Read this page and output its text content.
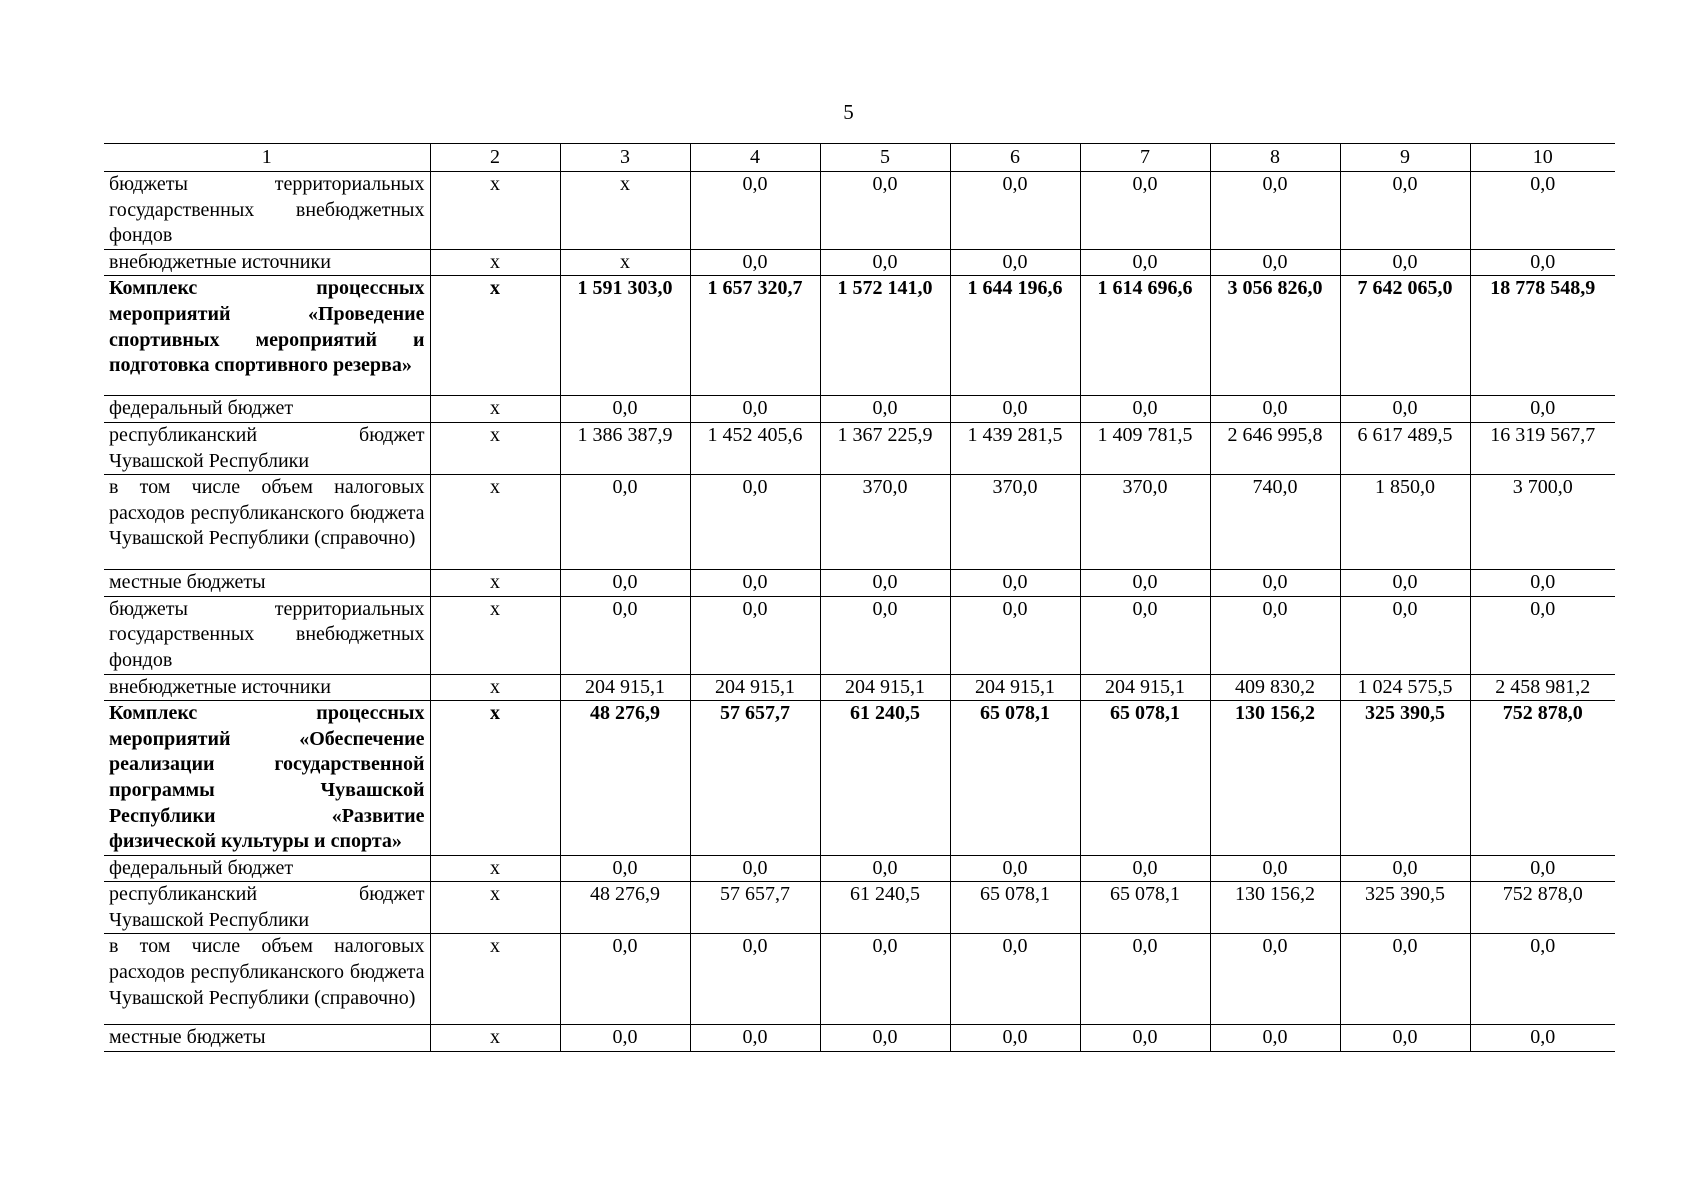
5
1	2	3	4	5	6	7	8	9	10
бюджеты территориальных государственных внебюджетных фондов	х	х	0,0	0,0	0,0	0,0	0,0	0,0	0,0
внебюджетные источники	х	х	0,0	0,0	0,0	0,0	0,0	0,0	0,0
Комплекс процессных мероприятий «Проведение спортивных мероприятий и подготовка спортивного резерва»	х	1 591 303,0	1 657 320,7	1 572 141,0	1 644 196,6	1 614 696,6	3 056 826,0	7 642 065,0	18 778 548,9
федеральный бюджет	х	0,0	0,0	0,0	0,0	0,0	0,0	0,0	0,0
республиканский бюджет Чувашской Республики	х	1 386 387,9	1 452 405,6	1 367 225,9	1 439 281,5	1 409 781,5	2 646 995,8	6 617 489,5	16 319 567,7
в том числе объем налоговых расходов республиканского бюджета Чувашской Республики (справочно)	х	0,0	0,0	370,0	370,0	370,0	740,0	1 850,0	3 700,0
местные бюджеты	х	0,0	0,0	0,0	0,0	0,0	0,0	0,0	0,0
бюджеты территориальных государственных внебюджетных фондов	х	0,0	0,0	0,0	0,0	0,0	0,0	0,0	0,0
внебюджетные источники	х	204 915,1	204 915,1	204 915,1	204 915,1	204 915,1	409 830,2	1 024 575,5	2 458 981,2
Комплекс процессных мероприятий «Обеспечение реализации государственной программы Чувашской Республики «Развитие физической культуры и спорта»	х	48 276,9	57 657,7	61 240,5	65 078,1	65 078,1	130 156,2	325 390,5	752 878,0
федеральный бюджет	х	0,0	0,0	0,0	0,0	0,0	0,0	0,0	0,0
республиканский бюджет Чувашской Республики	х	48 276,9	57 657,7	61 240,5	65 078,1	65 078,1	130 156,2	325 390,5	752 878,0
в том числе объем налоговых расходов республиканского бюджета Чувашской Республики (справочно)	х	0,0	0,0	0,0	0,0	0,0	0,0	0,0	0,0
местные бюджеты	х	0,0	0,0	0,0	0,0	0,0	0,0	0,0	0,0
